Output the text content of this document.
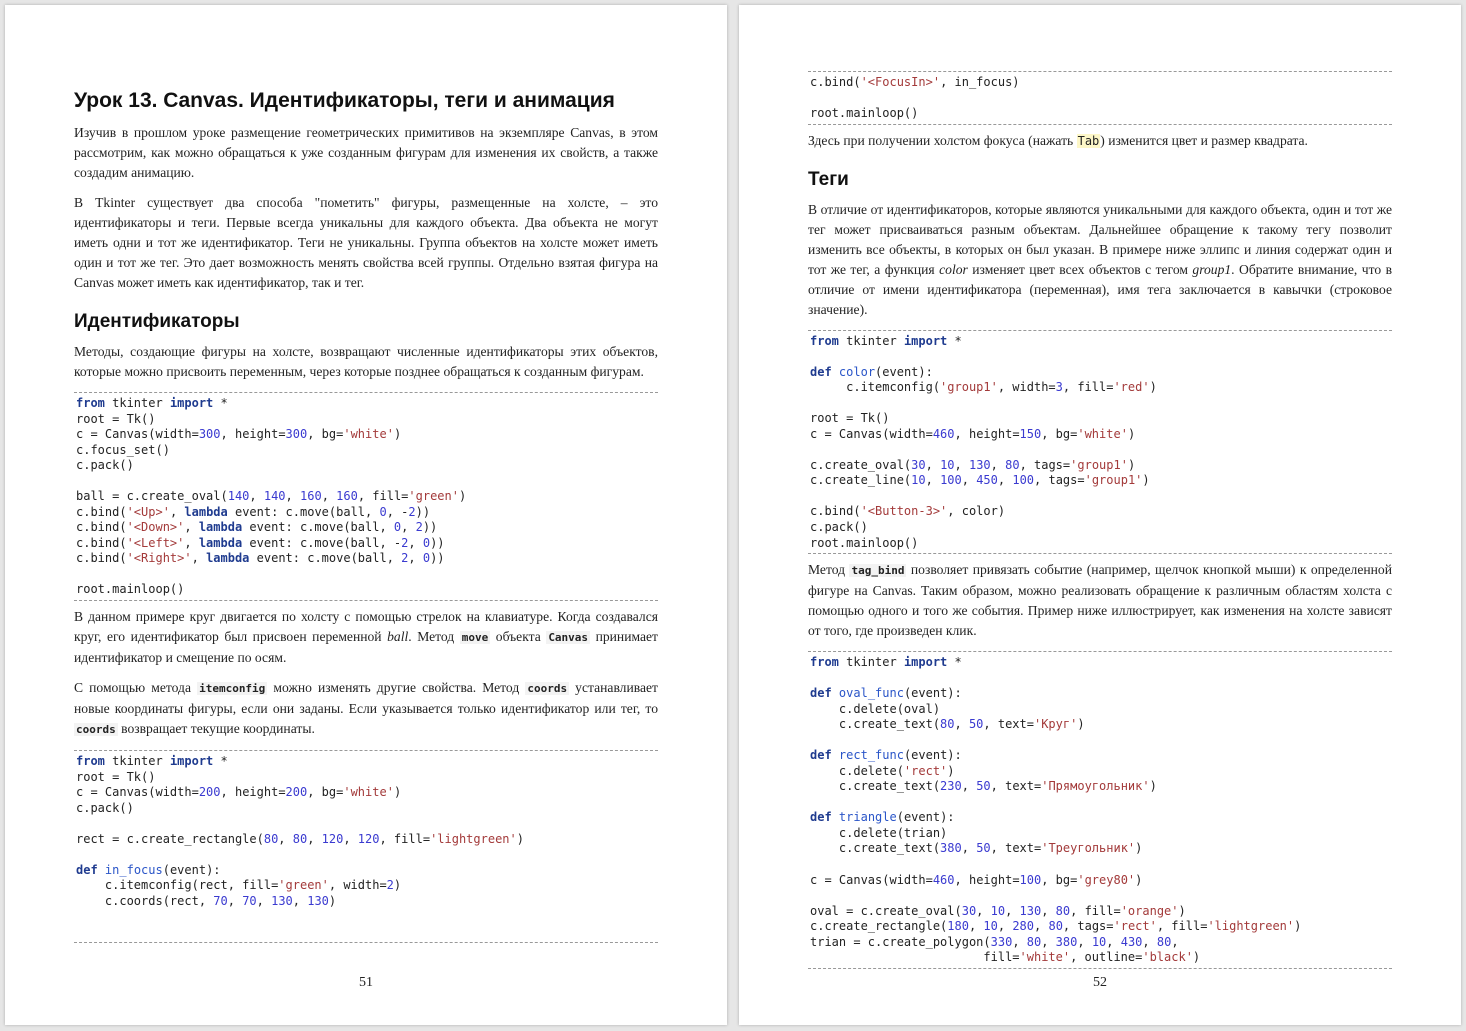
Урок 13. Canvas. Идентификаторы, теги и анимация

Изучив в прошлом уроке размещение геометрических примитивов на экземпляре Canvas, в этом рассмотрим, как можно обращаться к уже созданным фигурам для изменения их свойств, а также создадим анимацию.

В Tkinter существует два способа "пометить" фигуры, размещенные на холсте, – это идентификаторы и теги. Первые всегда уникальны для каждого объекта. Два объекта не могут иметь одни и тот же идентификатор. Теги не уникальны. Группа объектов на холсте может иметь один и тот же тег. Это дает возможность менять свойства всей группы. Отдельно взятая фигура на Canvas может иметь как идентификатор, так и тег.

Идентификаторы

Методы, создающие фигуры на холсте, возвращают численные идентификаторы этих объектов, которые можно присвоить переменным, через которые позднее обращаться к созданным фигурам.

from tkinter import *
root = Tk()
c = Canvas(width=300, height=300, bg='white')
c.focus_set()
c.pack()
ball = c.create_oval(140, 140, 160, 160, fill='green')
c.bind('<Up>', lambda event: c.move(ball, 0, -2))
c.bind('<Down>', lambda event: c.move(ball, 0, 2))
c.bind('<Left>', lambda event: c.move(ball, -2, 0))
c.bind('<Right>', lambda event: c.move(ball, 2, 0))
root.mainloop()

В данном примере круг двигается по холсту с помощью стрелок на клавиатуре. Когда создавался круг, его идентификатор был присвоен переменной ball. Метод move объекта Canvas принимает идентификатор и смещение по осям.

С помощью метода itemconfig можно изменять другие свойства. Метод coords устанавливает новые координаты фигуры, если они заданы. Если указывается только идентификатор или тег, то coords возвращает текущие координаты.

from tkinter import *
root = Tk()
c = Canvas(width=200, height=200, bg='white')
c.pack()
rect = c.create_rectangle(80, 80, 120, 120, fill='lightgreen')
def in_focus(event):
c.itemconfig(rect, fill='green', width=2)
c.coords(rect, 70, 70, 130, 130)
51
c.bind('<FocusIn>', in_focus)
root.mainloop()

Здесь при получении холстом фокуса (нажать Tab) изменится цвет и размер квадрата.

Теги

В отличие от идентификаторов, которые являются уникальными для каждого объекта, один и тот же тег может присваиваться разным объектам. Дальнейшее обращение к такому тегу позволит изменить все объекты, в которых он был указан. В примере ниже эллипс и линия содержат один и тот же тег, а функция color изменяет цвет всех объектов с тегом group1. Обратите внимание, что в отличие от имени идентификатора (переменная), имя тега заключается в кавычки (строковое значение).

from tkinter import *
def color(event):
c.itemconfig('group1', width=3, fill='red')
root = Tk()
c = Canvas(width=460, height=150, bg='white')
c.create_oval(30, 10, 130, 80, tags='group1')
c.create_line(10, 100, 450, 100, tags='group1')
c.bind('<Button-3>', color)
c.pack()
root.mainloop()

Метод tag_bind позволяет привязать событие (например, щелчок кнопкой мыши) к определенной фигуре на Canvas. Таким образом, можно реализовать обращение к различным областям холста с помощью одного и того же события. Пример ниже иллюстрирует, как изменения на холсте зависят от того, где произведен клик.

from tkinter import *
def oval_func(event):
c.delete(oval)
c.create_text(80, 50, text='Круг')
def rect_func(event):
c.delete('rect')
c.create_text(230, 50, text='Прямоугольник')
def triangle(event):
c.delete(trian)
c.create_text(380, 50, text='Треугольник')
c = Canvas(width=460, height=100, bg='grey80')
oval = c.create_oval(30, 10, 130, 80, fill='orange')
c.create_rectangle(180, 10, 280, 80, tags='rect', fill='lightgreen')
trian = c.create_polygon(330, 80, 380, 10, 430, 80,
fill='white', outline='black')
52
